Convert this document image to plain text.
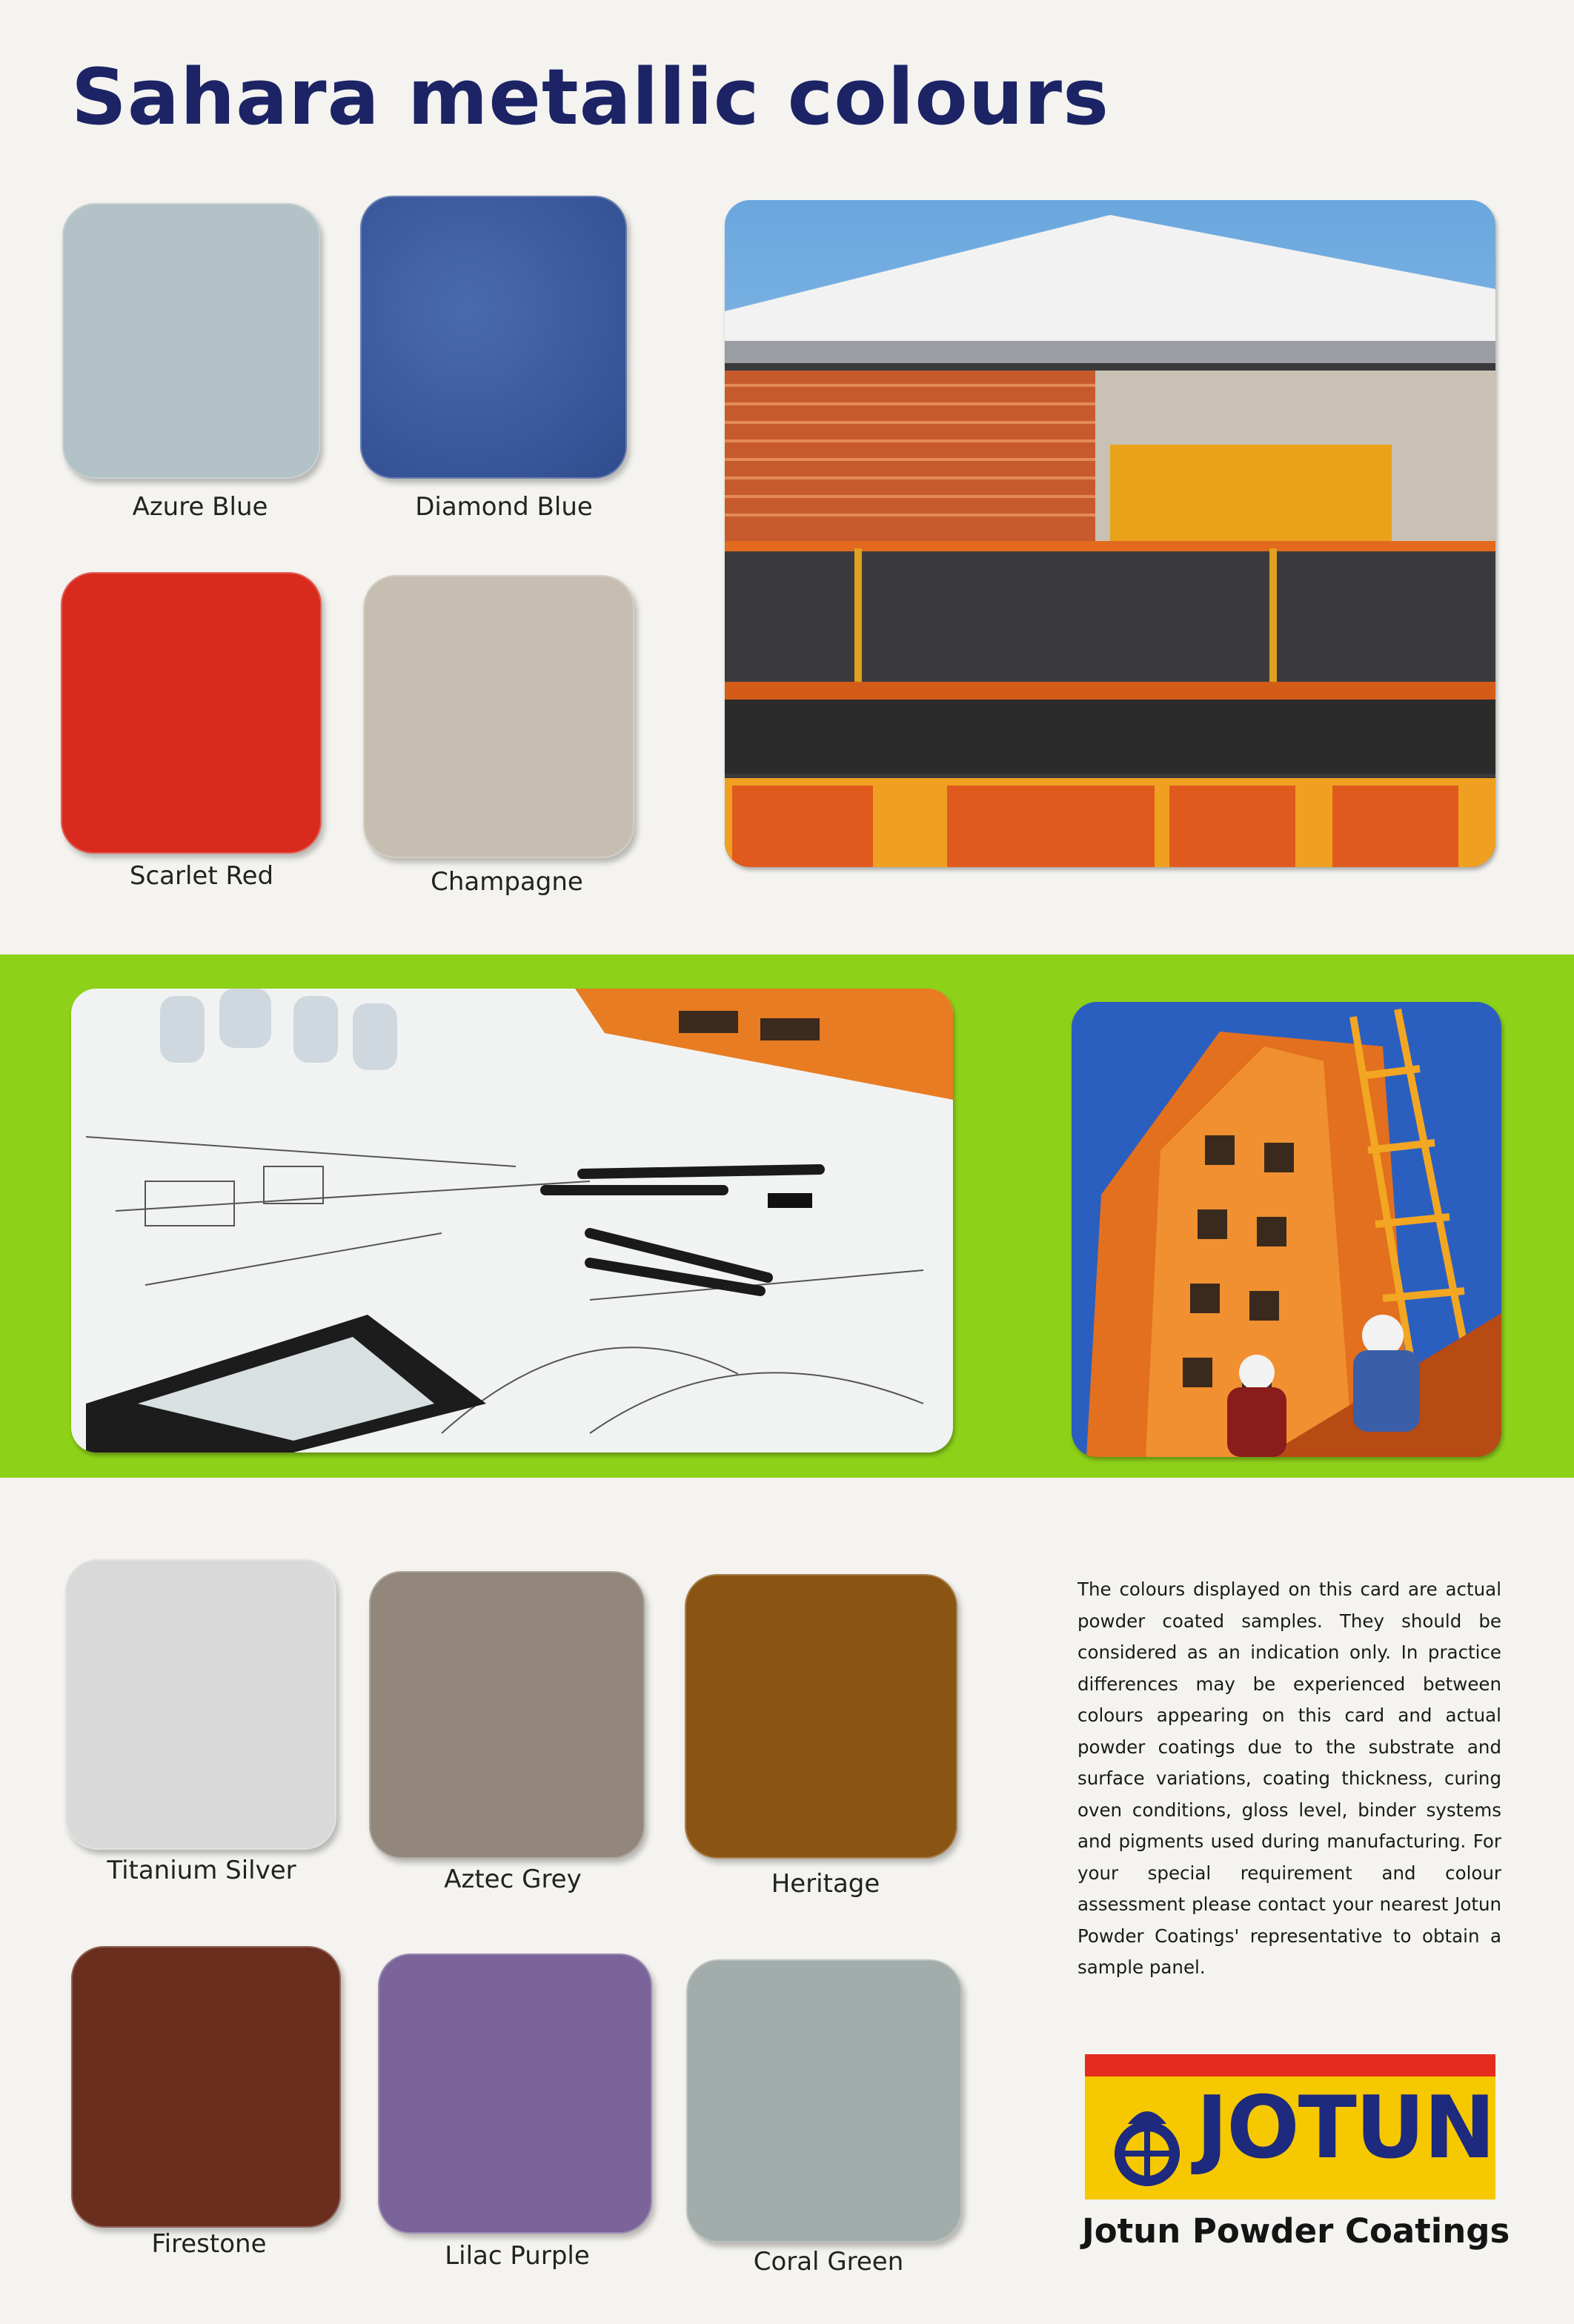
Sahara metallic colours
Azure Blue	Diamond Blue
Scarlet Red	Champagne
Titanium Silver	Aztec Grey	Heritage
Firestone	Lilac Purple	Coral Green

The colours displayed on this card are actual powder coated samples. They should be considered as an indication only. In practice differences may be experienced between colours appearing on this card and actual powder coatings due to the substrate and surface variations, coating thickness, curing oven conditions, gloss level, binder systems and pigments used during manufacturing. For your special requirement and colour assessment please contact your nearest Jotun Powder Coatings' representative to obtain a sample panel.

JOTUN
Jotun Powder Coatings
